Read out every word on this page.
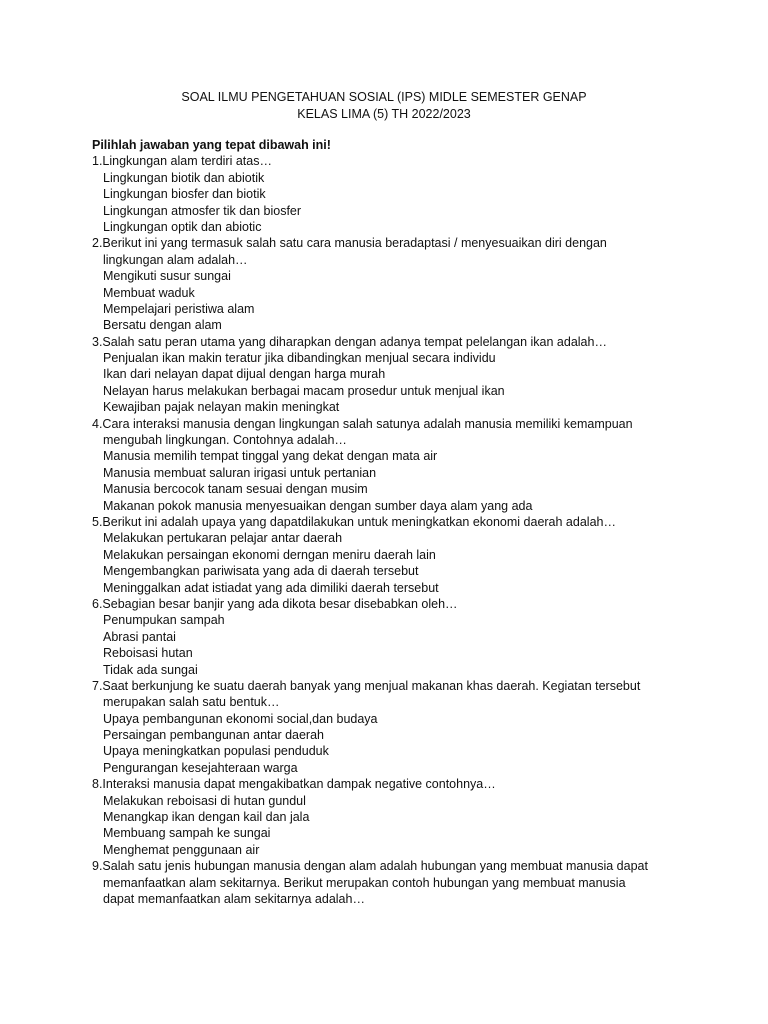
SOAL ILMU PENGETAHUAN SOSIAL (IPS) MIDLE SEMESTER GENAP
KELAS LIMA (5) TH 2022/2023
Pilihlah jawaban yang tepat dibawah ini!
1.Lingkungan alam terdiri atas…
Lingkungan biotik dan abiotik
Lingkungan biosfer dan biotik
Lingkungan atmosfer tik dan biosfer
Lingkungan optik dan abiotic
2.Berikut ini yang termasuk salah satu cara manusia beradaptasi / menyesuaikan diri dengan
lingkungan alam adalah…
Mengikuti susur sungai
Membuat waduk
Mempelajari peristiwa alam
Bersatu dengan alam
3.Salah satu peran utama yang diharapkan dengan adanya tempat pelelangan ikan adalah…
Penjualan ikan makin teratur jika dibandingkan menjual secara individu
Ikan dari nelayan dapat dijual dengan harga murah
Nelayan harus melakukan berbagai macam prosedur untuk menjual ikan
Kewajiban pajak nelayan makin meningkat
4.Cara interaksi manusia dengan lingkungan salah satunya adalah manusia memiliki kemampuan
mengubah lingkungan. Contohnya adalah…
Manusia memilih tempat tinggal yang dekat dengan mata air
Manusia membuat saluran irigasi untuk pertanian
Manusia bercocok tanam sesuai dengan musim
Makanan pokok manusia menyesuaikan dengan sumber daya alam yang ada
5.Berikut ini adalah upaya yang dapatdilakukan untuk meningkatkan ekonomi daerah adalah…
Melakukan pertukaran pelajar antar daerah
Melakukan persaingan ekonomi derngan meniru daerah lain
Mengembangkan pariwisata yang ada di daerah tersebut
Meninggalkan adat istiadat yang ada dimiliki daerah tersebut
6.Sebagian besar banjir yang ada dikota besar disebabkan oleh…
Penumpukan sampah
Abrasi pantai
Reboisasi hutan
Tidak ada sungai
7.Saat berkunjung ke suatu daerah banyak yang menjual makanan khas daerah. Kegiatan tersebut
merupakan salah satu bentuk…
Upaya pembangunan ekonomi social,dan budaya
Persaingan pembangunan antar daerah
Upaya meningkatkan populasi penduduk
Pengurangan kesejahteraan warga
8.Interaksi manusia dapat mengakibatkan dampak negative contohnya…
Melakukan reboisasi di hutan gundul
Menangkap ikan dengan kail dan jala
Membuang sampah ke sungai
Menghemat penggunaan air
9.Salah satu jenis hubungan manusia dengan alam adalah hubungan yang membuat manusia dapat
memanfaatkan alam sekitarnya. Berikut merupakan contoh hubungan yang membuat manusia
dapat memanfaatkan alam sekitarnya adalah…
